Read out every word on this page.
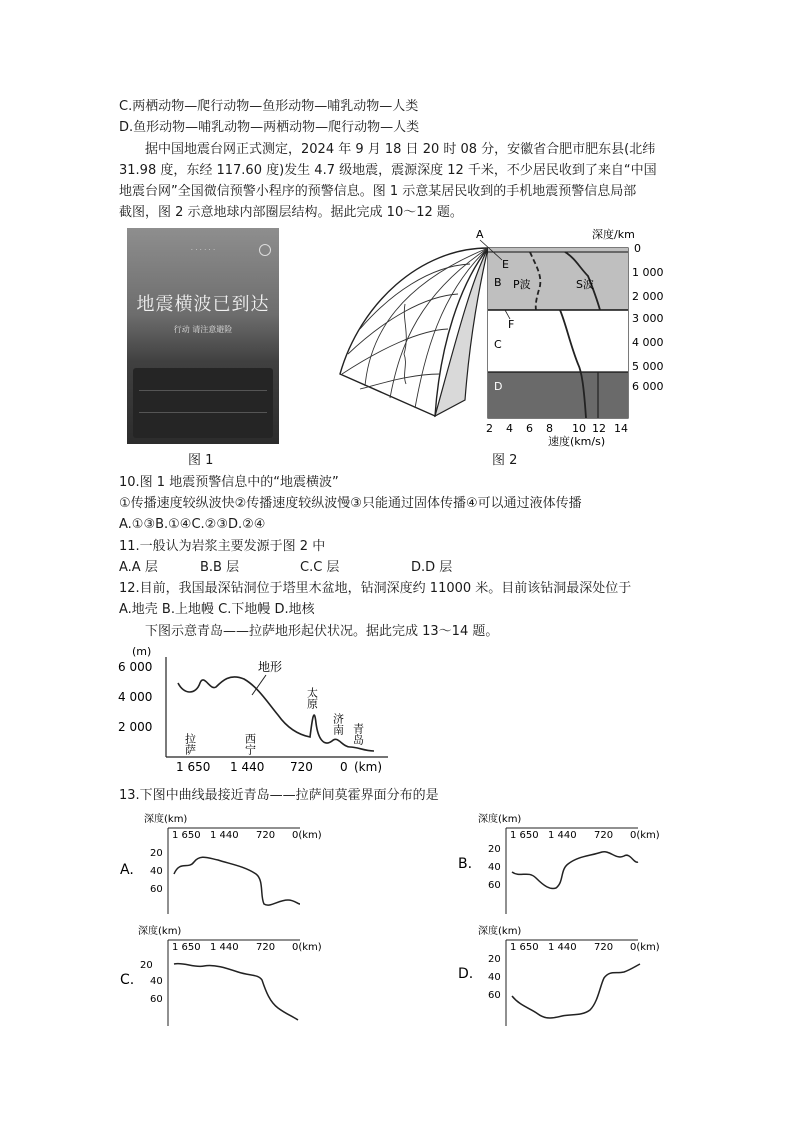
C.两栖动物—爬行动物—鱼形动物—哺乳动物—人类
D.鱼形动物—哺乳动物—两栖动物—爬行动物—人类
据中国地震台网正式测定，2024 年 9 月 18 日 20 时 08 分，安徽省合肥市肥东县(北纬
31.98 度，东经 117.60 度)发生 4.7 级地震，震源深度 12 千米，不少居民收到了来自“中国
地震台网”全国微信预警小程序的预警信息。图 1 示意某居民收到的手机地震预警信息局部
截图，图 2 示意地球内部圈层结构。据此完成 10～12 题。
· · · · · ·
地震横波已到达
行动 请注意避险
图 1
A
B
C
D
E
F
P波	S波
深度/km
0
1 000
2 000
3 000
4 000
5 000
6 000
2 4 6 8 10 12 14
速度(km/s)
图 2
10.图 1 地震预警信息中的“地震横波”
①传播速度较纵波快②传播速度较纵波慢③只能通过固体传播④可以通过液体传播
A.①③B.①④C.②③D.②④
11.一般认为岩浆主要发源于图 2 中
A.A 层	B.B 层	C.C 层	D.D 层
12.目前，我国最深钻洞位于塔里木盆地，钻洞深度约 11000 米。目前该钻洞最深处位于
A.地壳 B.上地幔 C.下地幔 D.地核
下图示意青岛——拉萨地形起伏状况。据此完成 13～14 题。
(m)
6 000
4 000
2 000
地形
拉萨	西宁
太原
济南 青岛
1 650 1 440 720 0 (km)
13.下图中曲线最接近青岛——拉萨间莫霍界面分布的是
深度(km)
1 650 1 440 720 0(km)
20
40
60
A.
深度(km)
1 650 1 440 720 0(km)
20
40
60
B.
深度(km)
1 650 1 440 720 0(km)
20
40
60
C.
深度(km)
1 650 1 440 720 0(km)
20
40
60
D.
